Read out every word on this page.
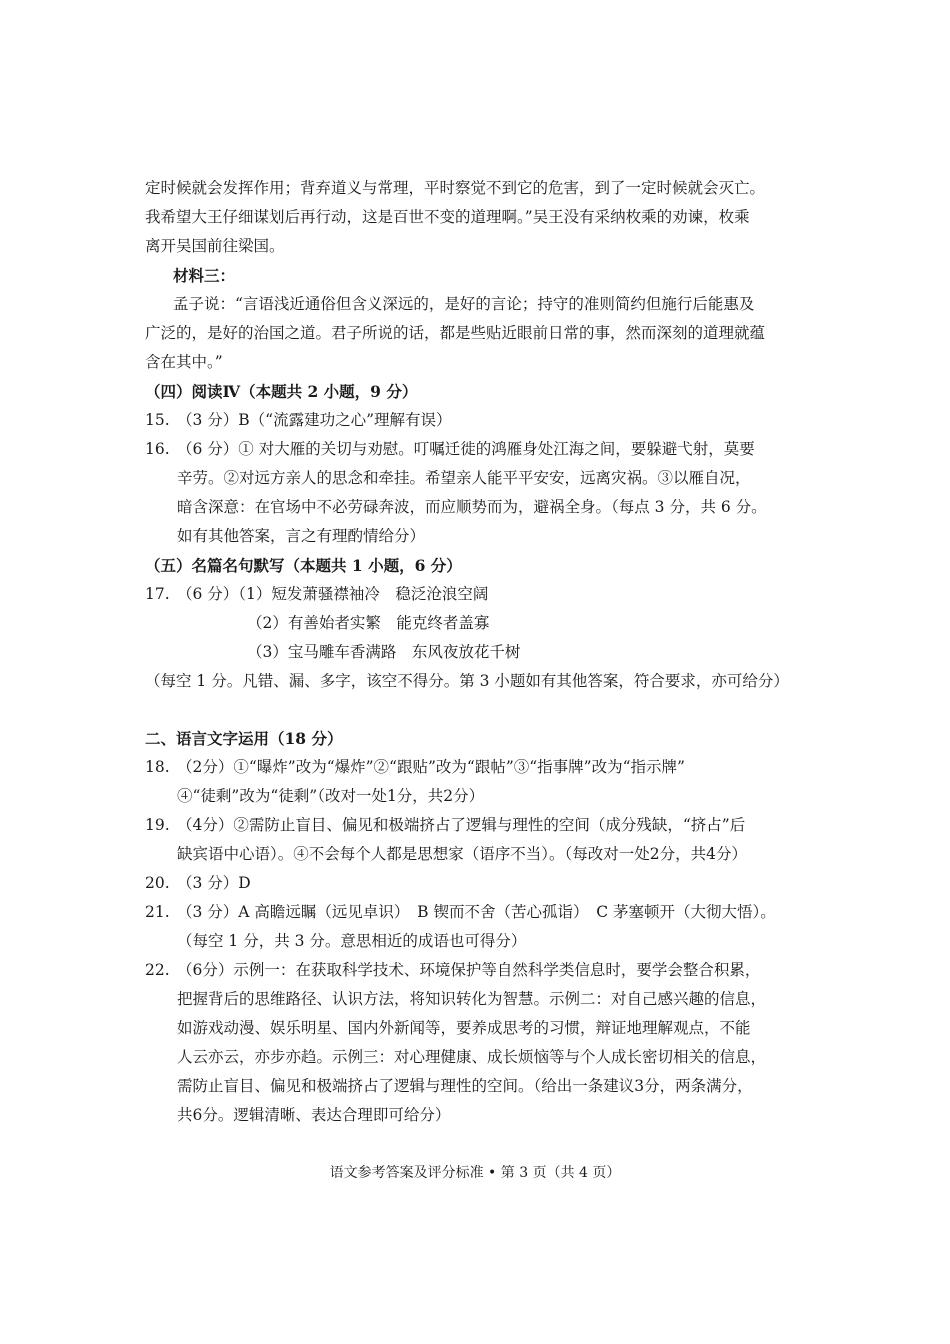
定时候就会发挥作用；背弃道义与常理，平时察觉不到它的危害，到了一定时候就会灭亡。
我希望大王仔细谋划后再行动，这是百世不变的道理啊。”吴王没有采纳枚乘的劝谏，枚乘
离开吴国前往梁国。
材料三：
孟子说：“言语浅近通俗但含义深远的，是好的言论；持守的准则简约但施行后能惠及
广泛的，是好的治国之道。君子所说的话，都是些贴近眼前日常的事，然而深刻的道理就蕴
含在其中。”
（四）阅读Ⅳ（本题共 2 小题，9 分）
15. （3 分）B（“流露建功之心”理解有误）
16. （6 分）① 对大雁的关切与劝慰。叮嘱迁徙的鸿雁身处江海之间，要躲避弋射，莫要
辛劳。②对远方亲人的思念和牵挂。希望亲人能平平安安，远离灾祸。③以雁自况，
暗含深意：在官场中不必劳碌奔波，而应顺势而为，避祸全身。（每点 3 分，共 6 分。
如有其他答案，言之有理酌情给分）
（五）名篇名句默写（本题共 1 小题，6 分）
17. （6 分）（1）短发萧骚襟袖冷　稳泛沧浪空阔
（2）有善始者实繁　能克终者盖寡
（3）宝马雕车香满路　东风夜放花千树
（每空 1 分。凡错、漏、多字，该空不得分。第 3 小题如有其他答案，符合要求，亦可给分）
二、语言文字运用（18 分）
18. （2分）①“曝炸”改为“爆炸”②“跟贴”改为“跟帖”③“指事牌”改为“指示牌”
④“徒剩”改为“徒剩”（改对一处1分，共2分）
19. （4分）②需防止盲目、偏见和极端挤占了逻辑与理性的空间（成分残缺，“挤占”后
缺宾语中心语）。④不会每个人都是思想家（语序不当）。（每改对一处2分，共4分）
20. （3 分）D
21. （3 分）A 高瞻远瞩（远见卓识）　B 锲而不舍（苦心孤诣）　C 茅塞顿开（大彻大悟）。
（每空 1 分，共 3 分。意思相近的成语也可得分）
22. （6分）示例一：在获取科学技术、环境保护等自然科学类信息时，要学会整合积累，
把握背后的思维路径、认识方法，将知识转化为智慧。示例二：对自己感兴趣的信息，
如游戏动漫、娱乐明星、国内外新闻等，要养成思考的习惯，辩证地理解观点，不能
人云亦云，亦步亦趋。示例三：对心理健康、成长烦恼等与个人成长密切相关的信息，
需防止盲目、偏见和极端挤占了逻辑与理性的空间。（给出一条建议3分，两条满分，
共6分。逻辑清晰、表达合理即可给分）
语文参考答案及评分标准 • 第 3 页（共 4 页）
